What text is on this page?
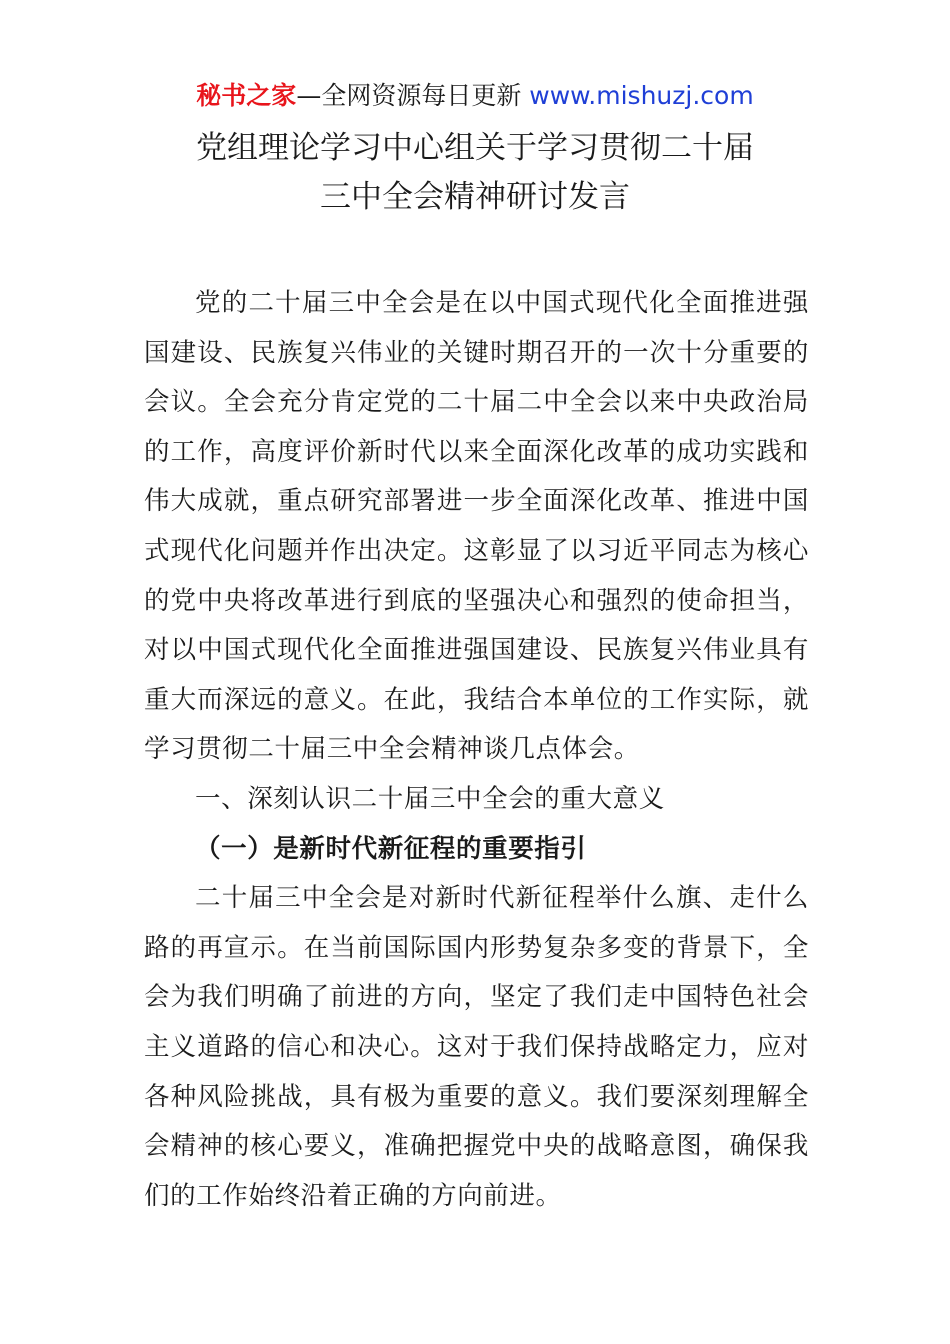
秘书之家—全网资源每日更新 www.mishuzj.com
党组理论学习中心组关于学习贯彻二十届
三中全会精神研讨发言

党的二十届三中全会是在以中国式现代化全面推进强国建设、民族复兴伟业的关键时期召开的一次十分重要的会议。全会充分肯定党的二十届二中全会以来中央政治局的工作，高度评价新时代以来全面深化改革的成功实践和伟大成就，重点研究部署进一步全面深化改革、推进中国式现代化问题并作出决定。这彰显了以习近平同志为核心的党中央将改革进行到底的坚强决心和强烈的使命担当，对以中国式现代化全面推进强国建设、民族复兴伟业具有重大而深远的意义。在此，我结合本单位的工作实际，就学习贯彻二十届三中全会精神谈几点体会。

一、深刻认识二十届三中全会的重大意义

（一）是新时代新征程的重要指引

二十届三中全会是对新时代新征程举什么旗、走什么路的再宣示。在当前国际国内形势复杂多变的背景下，全会为我们明确了前进的方向，坚定了我们走中国特色社会主义道路的信心和决心。这对于我们保持战略定力，应对各种风险挑战，具有极为重要的意义。我们要深刻理解全会精神的核心要义，准确把握党中央的战略意图，确保我们的工作始终沿着正确的方向前进。
